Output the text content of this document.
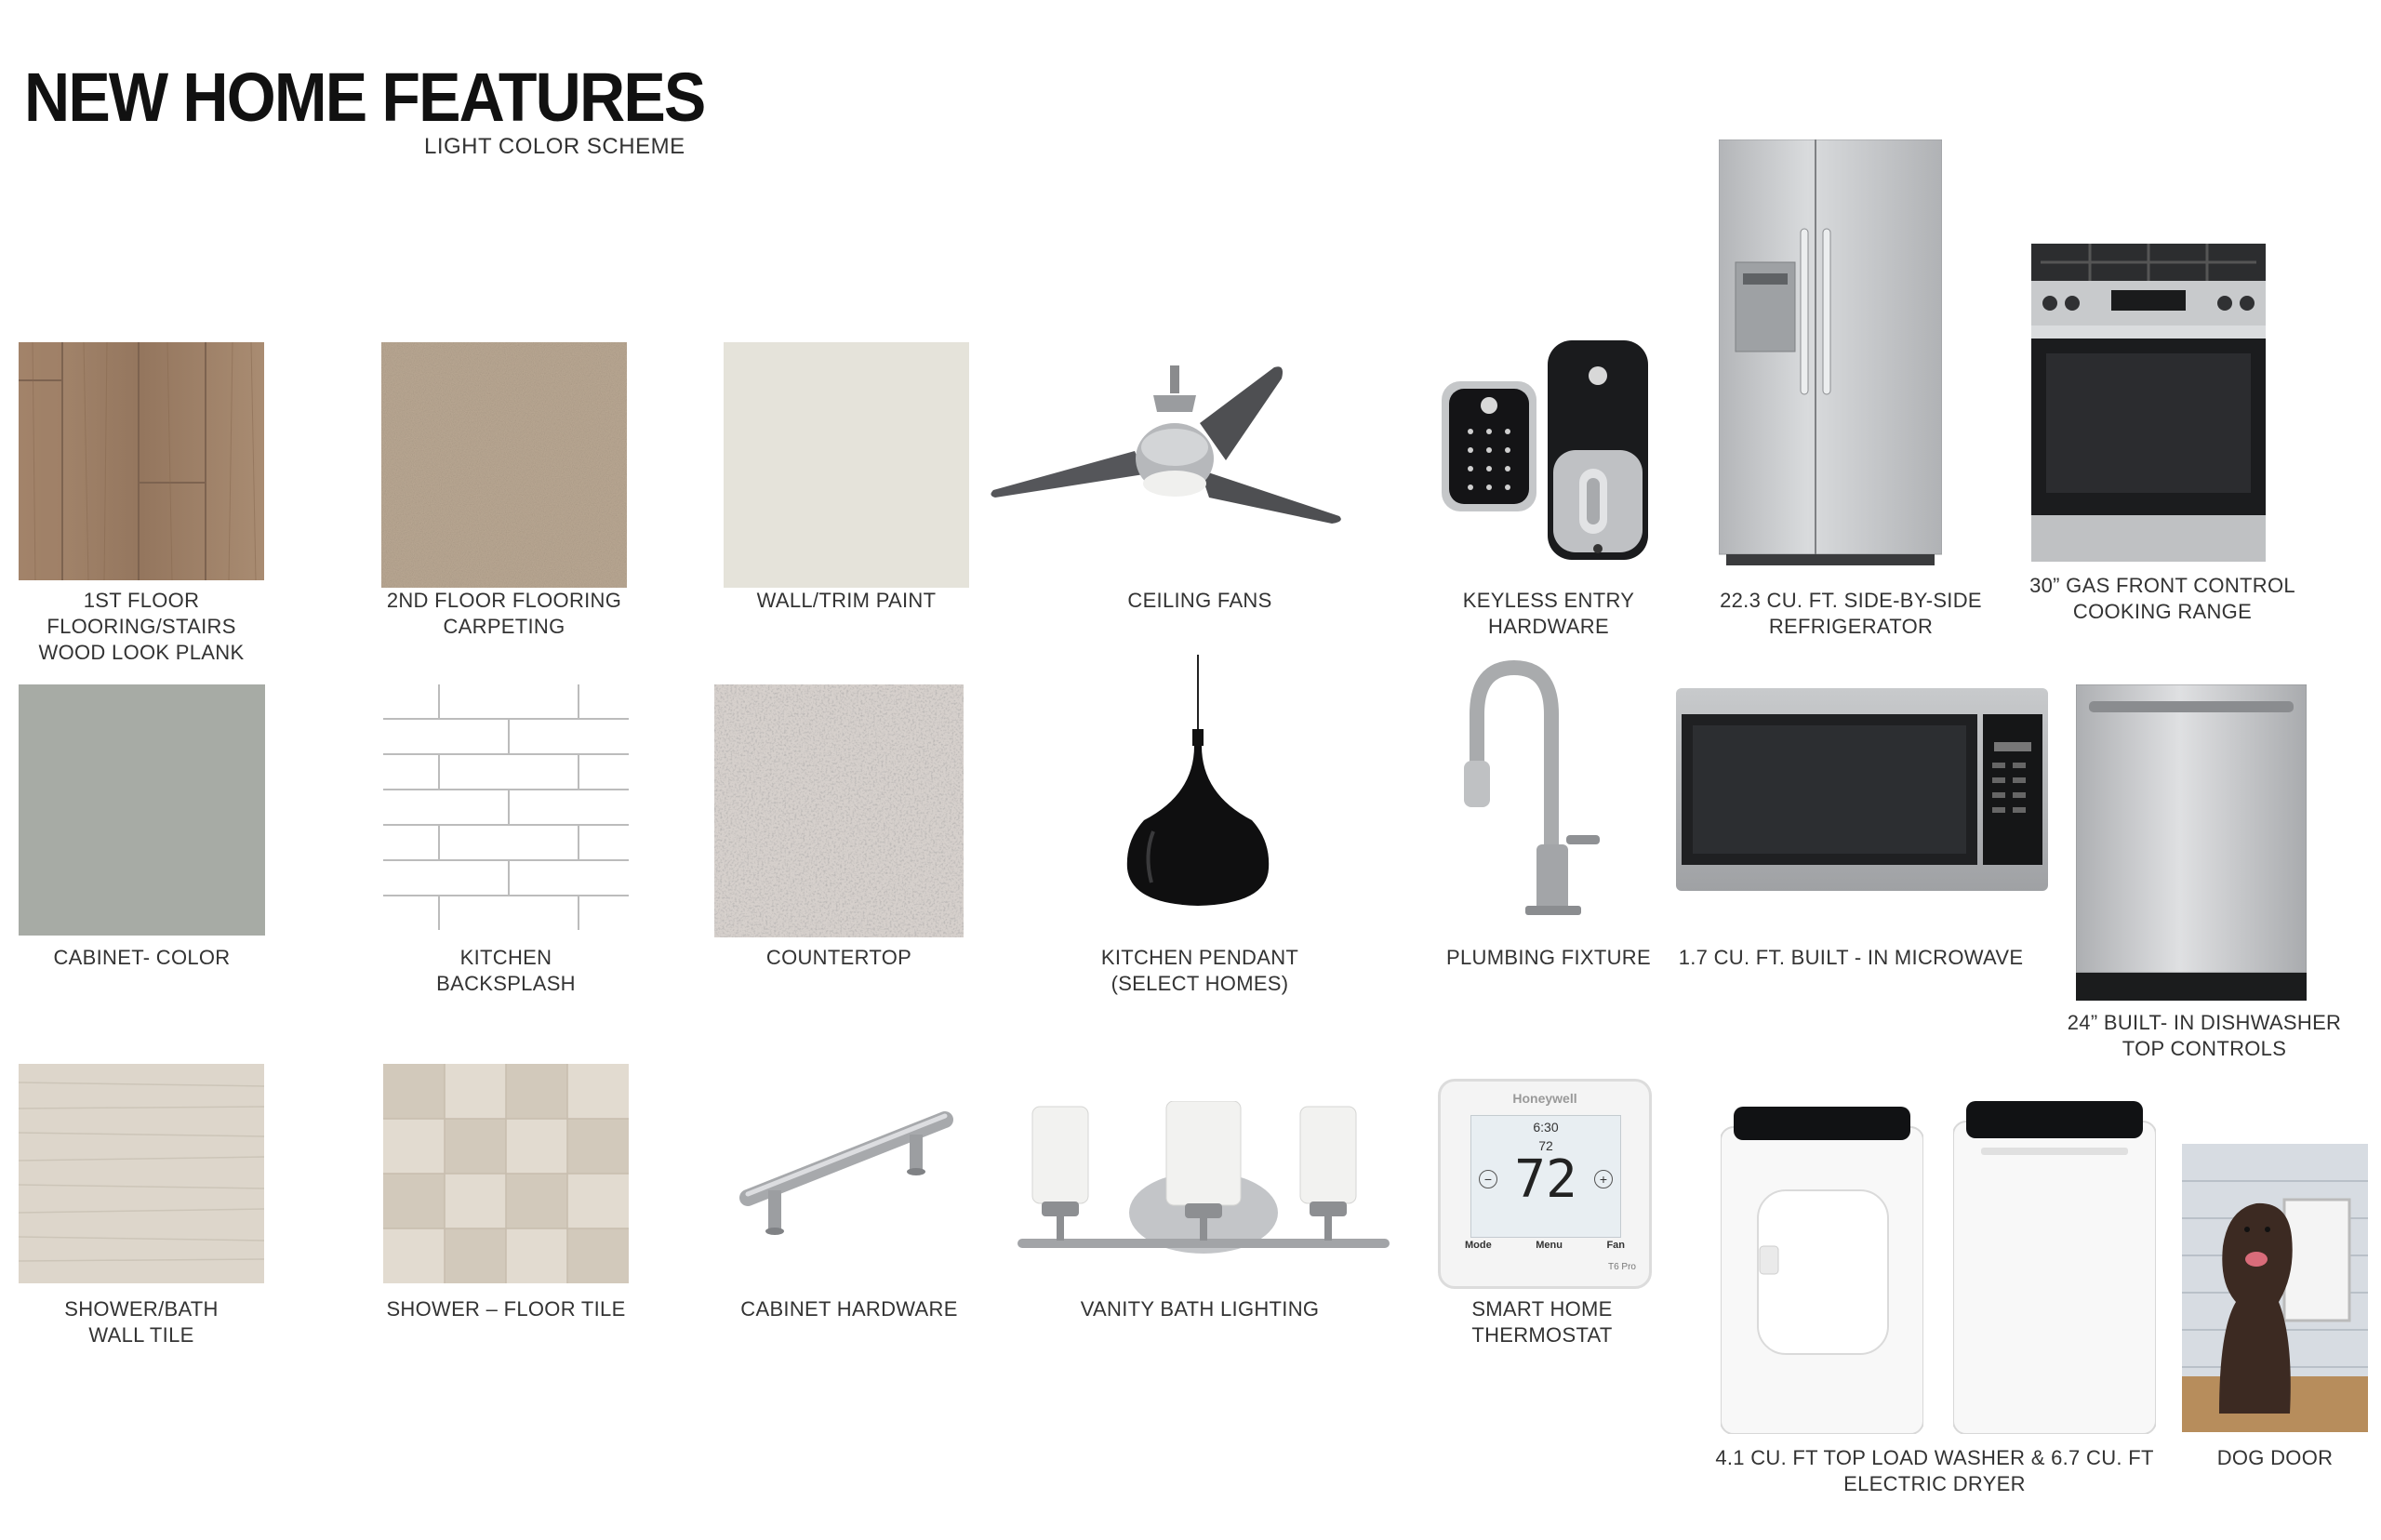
NEW HOME FEATURES
LIGHT COLOR SCHEME
1ST FLOOR
FLOORING/STAIRS
WOOD LOOK PLANK
2ND FLOOR FLOORING
CARPETING
WALL/TRIM PAINT	CEILING FANS	KEYLESS ENTRY HARDWARE
22.3 CU. FT. SIDE-BY-SIDE
REFRIGERATOR
30” GAS FRONT CONTROL
COOKING RANGE
CABINET- COLOR	KITCHEN
BACKSPLASH
COUNTERTOP	KITCHEN PENDANT
(SELECT HOMES)
PLUMBING FIXTURE	1.7 CU. FT. BUILT - IN MICROWAVE
24” BUILT- IN DISHWASHER
TOP CONTROLS
SHOWER/BATH
WALL TILE
SHOWER – FLOOR TILE	CABINET HARDWARE	VANITY BATH LIGHTING
Honeywell
6:30
72
72
−	+
Mode	Menu	Fan
T6 Pro
SMART HOME THERMOSTAT
4.1 CU. FT TOP LOAD WASHER & 6.7 CU. FT
ELECTRIC DRYER
DOG DOOR
